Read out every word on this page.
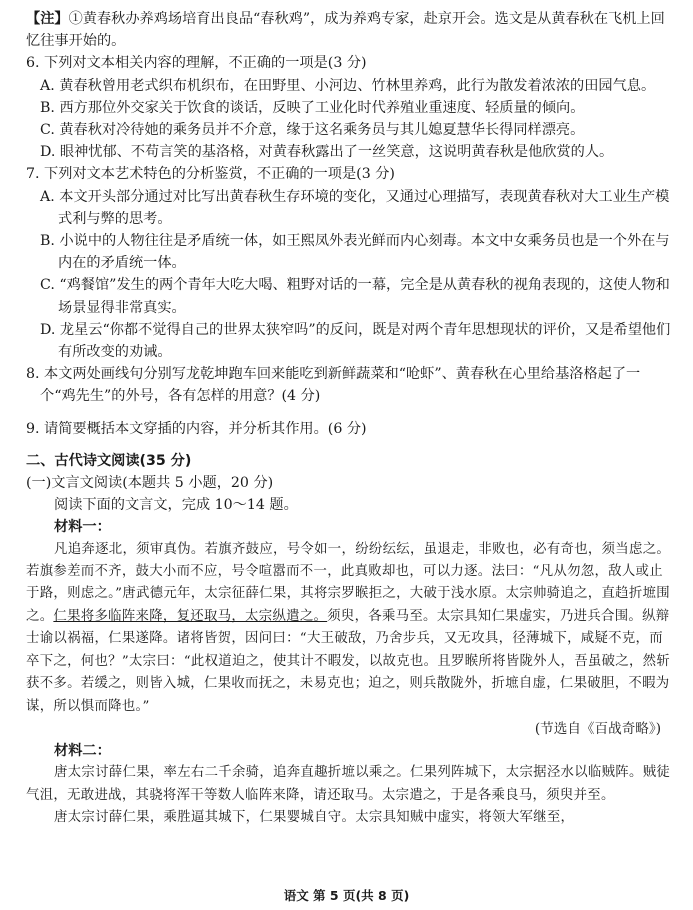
【注】①黄春秋办养鸡场培育出良品“春秋鸡”，成为养鸡专家，赴京开会。选文是从黄春秋在飞机上回忆往事开始的。

6. 下列对文本相关内容的理解，不正确的一项是(3 分)

A. 黄春秋曾用老式织布机织布，在田野里、小河边、竹林里养鸡，此行为散发着浓浓的田园气息。

B. 西方那位外交家关于饮食的谈话，反映了工业化时代养殖业重速度、轻质量的倾向。

C. 黄春秋对冷待她的乘务员并不介意，缘于这名乘务员与其儿媳夏慧华长得同样漂亮。

D. 眼神忧郁、不苟言笑的基洛格，对黄春秋露出了一丝笑意，这说明黄春秋是他欣赏的人。

7. 下列对文本艺术特色的分析鉴赏，不正确的一项是(3 分)

A. 本文开头部分通过对比写出黄春秋生存环境的变化，又通过心理描写，表现黄春秋对大工业生产模式利与弊的思考。

B. 小说中的人物往往是矛盾统一体，如王熙凤外表光鲜而内心刻毒。本文中女乘务员也是一个外在与内在的矛盾统一体。

C. “鸡餐馆”发生的两个青年大吃大喝、粗野对话的一幕，完全是从黄春秋的视角表现的，这使人物和场景显得非常真实。

D. 龙星云“你都不觉得自己的世界太狭窄吗”的反问，既是对两个青年思想现状的评价，又是希望他们有所改变的劝诫。

8. 本文两处画线句分别写龙乾坤跑车回来能吃到新鲜蔬菜和“呛虾”、黄春秋在心里给基洛格起了一个“鸡先生”的外号，各有怎样的用意？(4 分)

9. 请简要概括本文穿插的内容，并分析其作用。(6 分)

二、古代诗文阅读(35 分)

(一)文言文阅读(本题共 5 小题，20 分)

阅读下面的文言文，完成 10～14 题。

材料一：

凡追奔逐北，须审真伪。若旗齐鼓应，号令如一，纷纷纭纭，虽退走，非败也，必有奇也，须当虑之。若旗参差而不齐，鼓大小而不应，号令喧嚣而不一，此真败却也，可以力逐。法曰：“凡从勿忽，敌人或止于路，则虑之。”唐武德元年，太宗征薛仁果，其将宗罗睺拒之，大破于浅水原。太宗帅骑追之，直趋折墌围之。仁果将多临阵来降，复还取马，太宗纵遣之。须臾，各乘马至。太宗具知仁果虚实，乃进兵合围。纵辩士谕以祸福，仁果遂降。诸将皆贺，因问曰：“大王破敌，乃舍步兵，又无攻具，径薄城下，咸疑不克，而卒下之，何也？”太宗曰：“此权道迫之，使其计不暇发，以故克也。且罗睺所将皆陇外人，吾虽破之，然斩获不多。若缓之，则皆入城，仁果收而抚之，未易克也；迫之，则兵散陇外，折墌自虚，仁果破胆，不暇为谋，所以惧而降也。”

(节选自《百战奇略》)

材料二：

唐太宗讨薛仁果，率左右二千余骑，追奔直趣折墌以乘之。仁果列阵城下，太宗据泾水以临贼阵。贼徒气沮，无敢进战，其骁将浑干等数人临阵来降，请还取马。太宗遣之，于是各乘良马，须臾并至。

唐太宗讨薛仁果，乘胜逼其城下，仁果婴城自守。太宗具知贼中虚实，将领大军继至，

语文 第 5 页(共 8 页)
